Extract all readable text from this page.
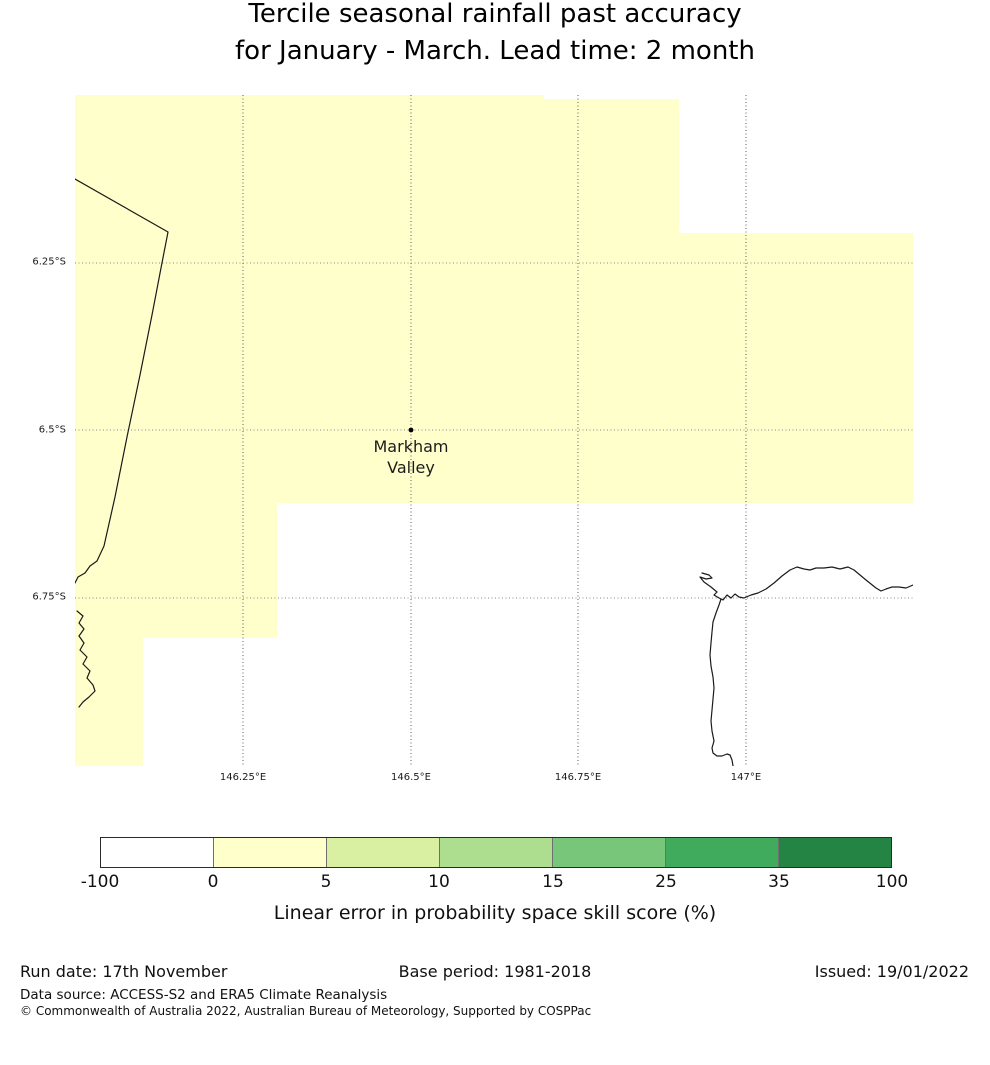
Tercile seasonal rainfall past accuracy
for January - March. Lead time: 2 month
6.25°S
6.5°S
6.75°S
146.25°E	146.5°E	146.75°E	147°E
Markham
Valley
-100	0	5	10	15	25	35	100
Linear error in probability space skill score (%)
Run date: 17th November	Base period: 1981-2018	Issued: 19/01/2022
Data source: ACCESS-S2 and ERA5 Climate Reanalysis
© Commonwealth of Australia 2022, Australian Bureau of Meteorology, Supported by COSPPac
